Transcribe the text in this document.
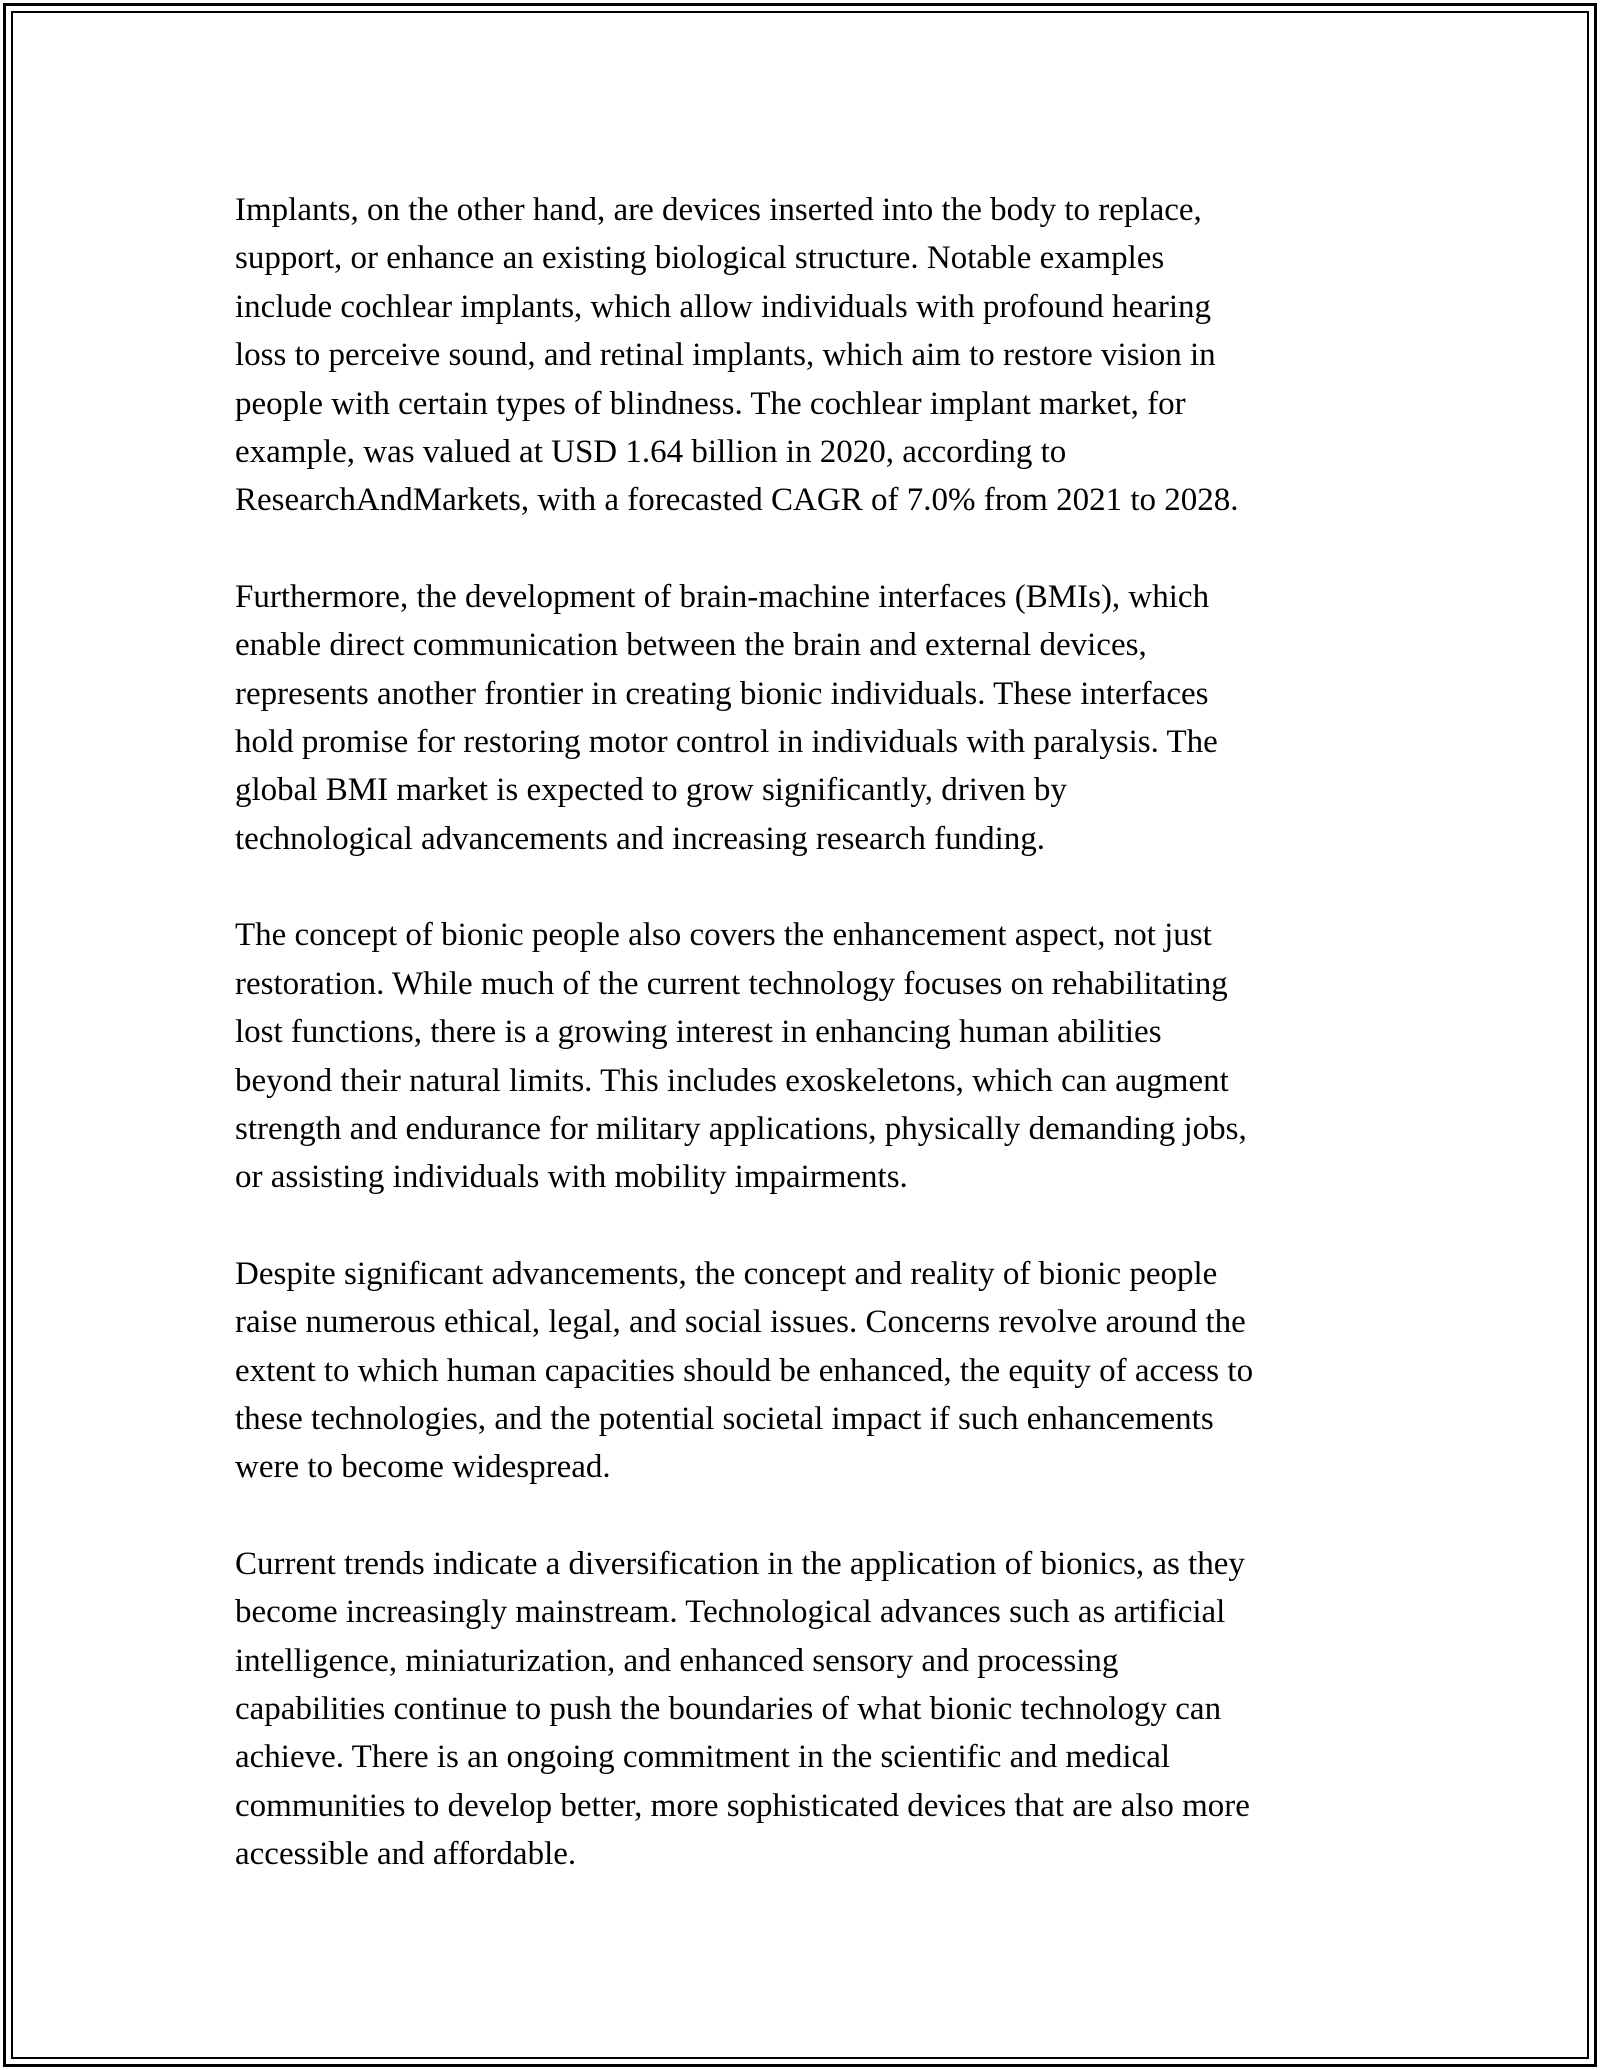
Implants, on the other hand, are devices inserted into the body to replace,
support, or enhance an existing biological structure. Notable examples
include cochlear implants, which allow individuals with profound hearing
loss to perceive sound, and retinal implants, which aim to restore vision in
people with certain types of blindness. The cochlear implant market, for
example, was valued at USD 1.64 billion in 2020, according to
ResearchAndMarkets, with a forecasted CAGR of 7.0% from 2021 to 2028.

Furthermore, the development of brain-machine interfaces (BMIs), which
enable direct communication between the brain and external devices,
represents another frontier in creating bionic individuals. These interfaces
hold promise for restoring motor control in individuals with paralysis. The
global BMI market is expected to grow significantly, driven by
technological advancements and increasing research funding.

The concept of bionic people also covers the enhancement aspect, not just
restoration. While much of the current technology focuses on rehabilitating
lost functions, there is a growing interest in enhancing human abilities
beyond their natural limits. This includes exoskeletons, which can augment
strength and endurance for military applications, physically demanding jobs,
or assisting individuals with mobility impairments.

Despite significant advancements, the concept and reality of bionic people
raise numerous ethical, legal, and social issues. Concerns revolve around the
extent to which human capacities should be enhanced, the equity of access to
these technologies, and the potential societal impact if such enhancements
were to become widespread.

Current trends indicate a diversification in the application of bionics, as they
become increasingly mainstream. Technological advances such as artificial
intelligence, miniaturization, and enhanced sensory and processing
capabilities continue to push the boundaries of what bionic technology can
achieve. There is an ongoing commitment in the scientific and medical
communities to develop better, more sophisticated devices that are also more
accessible and affordable.
